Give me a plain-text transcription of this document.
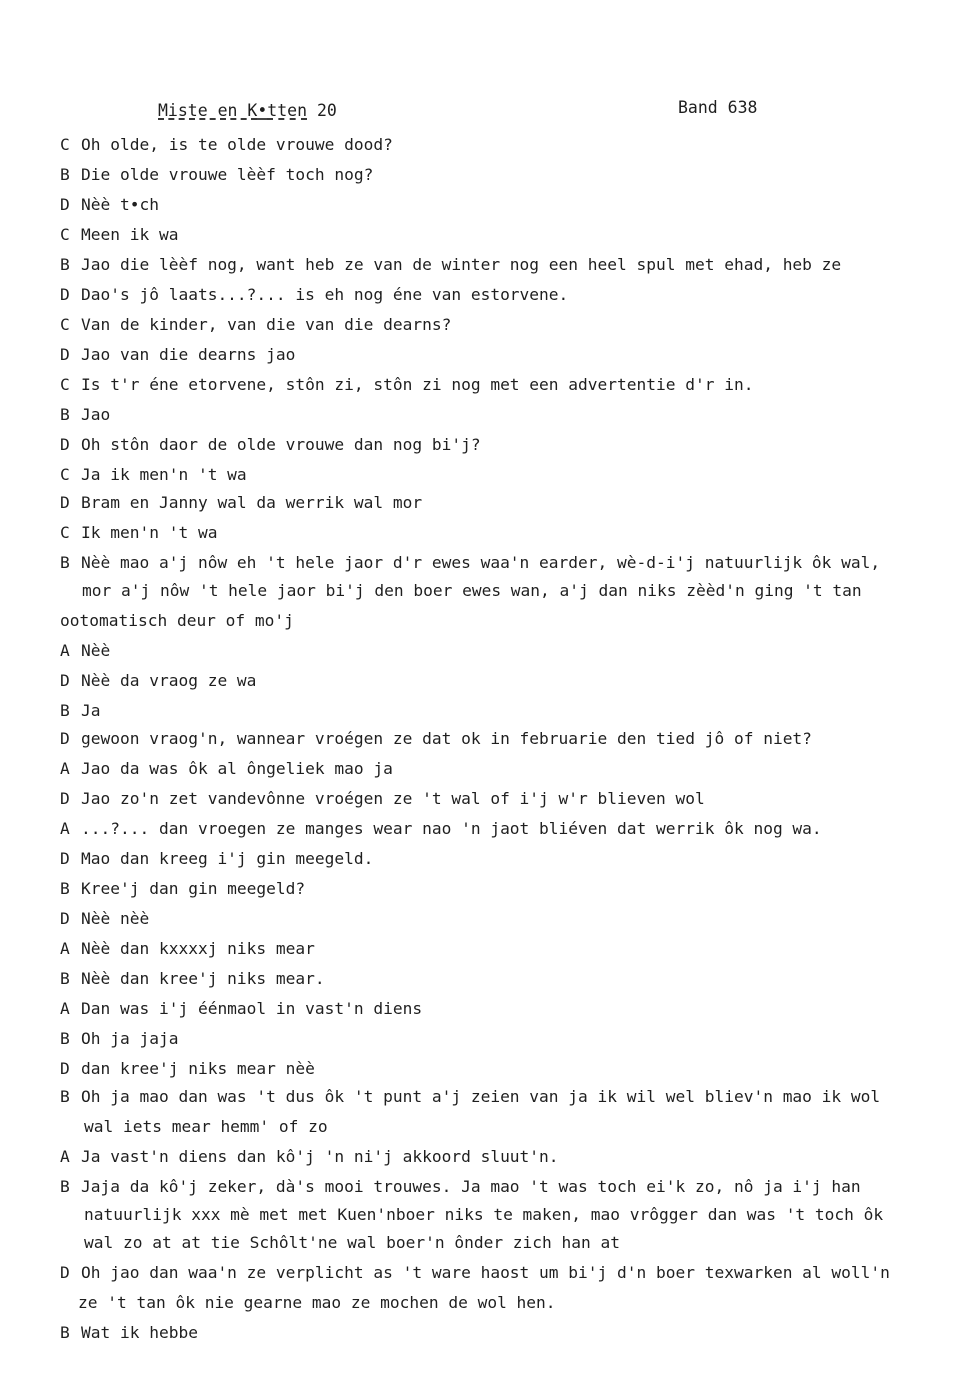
Miste en K•tten 20	Band 638
C Oh olde, is te olde vrouwe dood?
B Die olde vrouwe lèèf toch nog?
D Nèè t•ch
C Meen ik wa
B Jao die lèèf nog, want heb ze van de winter nog een heel spul met ehad, heb ze
D Dao's jô laats...?... is eh nog éne van estorvene.
C Van de kinder, van die van die dearns?
D Jao van die dearns jao
C Is t'r éne etorvene, stôn zi, stôn zi nog met een advertentie d'r in.
B Jao
D Oh stôn daor de olde vrouwe dan nog bi'j?
C Ja ik men'n 't wa
D Bram en Janny wal da werrik wal mor
C Ik men'n 't wa
B Nèè mao a'j nôw eh 't hele jaor d'r ewes waa'n earder, wè-d-i'j natuurlijk ôk wal,
mor a'j nôw 't hele jaor bi'j den boer ewes wan, a'j dan niks zèèd'n ging 't tan
ootomatisch deur of mo'j
A Nèè
D Nèè da vraog ze wa
B Ja
D gewoon vraog'n, wannear vroégen ze dat ok in februarie den tied jô of niet?
A Jao da was ôk al ôngeliek mao ja
D Jao zo'n zet vandevônne vroégen ze 't wal of i'j w'r blieven wol
A ...?... dan vroegen ze manges wear nao 'n jaot bliéven dat werrik ôk nog wa.
D Mao dan kreeg i'j gin meegeld.
B Kree'j dan gin meegeld?
D Nèè nèè
A Nèè dan kxxxxj niks mear
B Nèè dan kree'j niks mear.
A Dan was i'j éénmaol in vast'n diens
B Oh ja jaja
D dan kree'j niks mear nèè
B Oh ja mao dan was 't dus ôk 't punt a'j zeien van ja ik wil wel bliev'n mao ik wol
wal iets mear hemm' of zo
A Ja vast'n diens dan kô'j 'n ni'j akkoord sluut'n.
B Jaja da kô'j zeker, dà's mooi trouwes. Ja mao 't was toch ei'k zo, nô ja i'j han
natuurlijk xxx mè met met Kuen'nboer niks te maken, mao vrôgger dan was 't toch ôk
wal zo at at tie Schôlt'ne wal boer'n ônder zich han at
D Oh jao dan waa'n ze verplicht as 't ware haost um bi'j d'n boer texwarken al woll'n
ze 't tan ôk nie gearne mao ze mochen de wol hen.
B Wat ik hebbe
